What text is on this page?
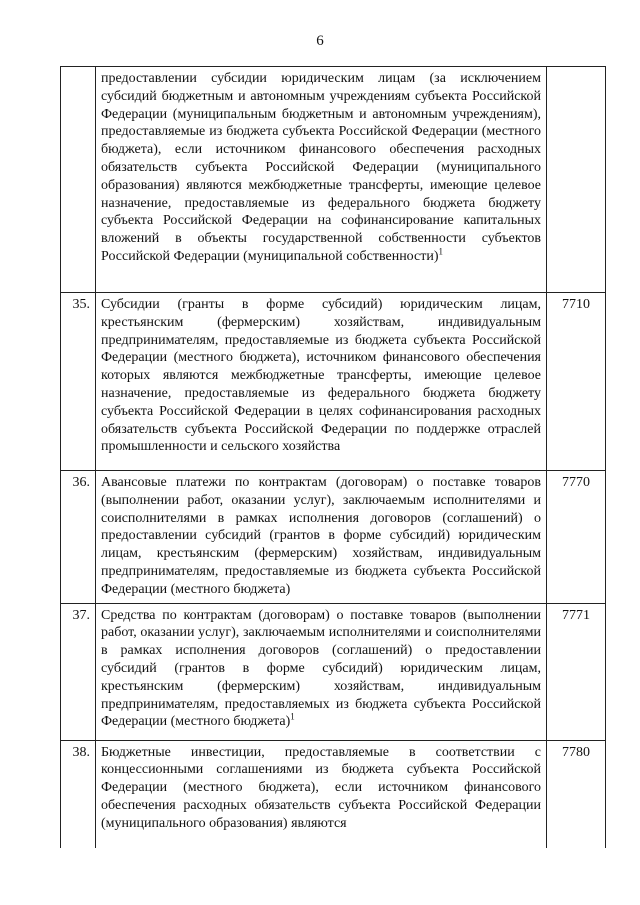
6
	предоставлении субсидии юридическим лицам (за исключением субсидий бюджетным и автономным учреждениям субъекта Российской Федерации (муниципальным бюджетным и автономным учреждениям), предоставляемые из бюджета субъекта Российской Федерации (местного бюджета), если источником финансового обеспечения расходных обязательств субъекта Российской Федерации (муниципального образования) являются межбюджетные трансферты, имеющие целевое назначение, предоставляемые из федерального бюджета бюджету субъекта Российской Федерации на софинансирование капитальных вложений в объекты государственной собственности субъектов Российской Федерации (муниципальной собственности)$^1$	
35.	Субсидии (гранты в форме субсидий) юридическим лицам, крестьянским (фермерским) хозяйствам, индивидуальным предпринимателям, предоставляемые из бюджета субъекта Российской Федерации (местного бюджета), источником финансового обеспечения которых являются межбюджетные трансферты, имеющие целевое назначение, предоставляемые из федерального бюджета бюджету субъекта Российской Федерации в целях софинансирования расходных обязательств субъекта Российской Федерации по поддержке отраслей промышленности и сельского хозяйства	7710
36.	Авансовые платежи по контрактам (договорам) о поставке товаров (выполнении работ, оказании услуг), заключаемым исполнителями и соисполнителями в рамках исполнения договоров (соглашений) о предоставлении субсидий (грантов в форме субсидий) юридическим лицам, крестьянским (фермерским) хозяйствам, индивидуальным предпринимателям, предоставляемые из бюджета субъекта Российской Федерации (местного бюджета)	7770
37.	Средства по контрактам (договорам) о поставке товаров (выполнении работ, оказании услуг), заключаемым исполнителями и соисполнителями в рамках исполнения договоров (соглашений) о предоставлении субсидий (грантов в форме субсидий) юридическим лицам, крестьянским (фермерским) хозяйствам, индивидуальным предпринимателям, предоставляемых из бюджета субъекта Российской Федерации (местного бюджета)$^1$	7771
38.	Бюджетные инвестиции, предоставляемые в соответствии с концессионными соглашениями из бюджета субъекта Российской Федерации (местного бюджета), если источником финансового обеспечения расходных обязательств субъекта Российской Федерации (муниципального образования) являются	7780
